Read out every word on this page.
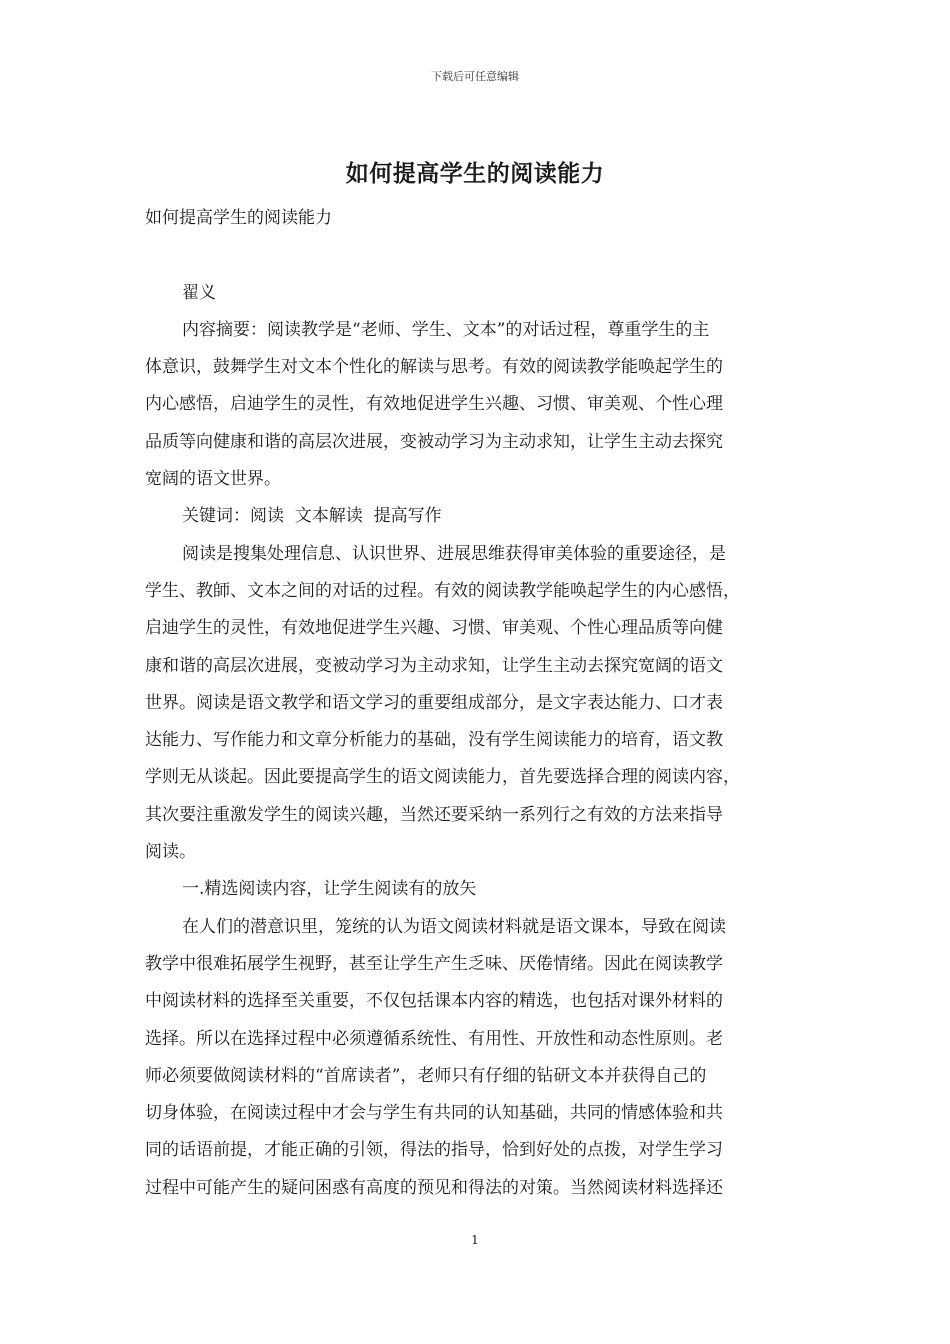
下载后可任意编辑
如何提高学生的阅读能力
如何提高学生的阅读能力
翟义
内容摘要：阅读教学是“老师、学生、文本”的对话过程，尊重学生的主
体意识，鼓舞学生对文本个性化的解读与思考。有效的阅读教学能唤起学生的
内心感悟，启迪学生的灵性，有效地促进学生兴趣、习惯、审美观、个性心理
品质等向健康和谐的高层次进展，变被动学习为主动求知，让学生主动去探究
宽阔的语文世界。
关键词：阅读  文本解读  提高写作
阅读是搜集处理信息、认识世界、进展思维获得审美体验的重要途径，是
学生、教師、文本之间的对话的过程。有效的阅读教学能唤起学生的内心感悟，
启迪学生的灵性，有效地促进学生兴趣、习惯、审美观、个性心理品质等向健
康和谐的高层次进展，变被动学习为主动求知，让学生主动去探究宽阔的语文
世界。阅读是语文教学和语文学习的重要组成部分，是文字表达能力、口才表
达能力、写作能力和文章分析能力的基础，没有学生阅读能力的培育，语文教
学则无从谈起。因此要提高学生的语文阅读能力，首先要选择合理的阅读内容，
其次要注重激发学生的阅读兴趣，当然还要采纳一系列行之有效的方法来指导
阅读。
一.精选阅读内容，让学生阅读有的放矢
在人们的潜意识里，笼统的认为语文阅读材料就是语文课本，导致在阅读
教学中很难拓展学生视野，甚至让学生产生乏味、厌倦情绪。因此在阅读教学
中阅读材料的选择至关重要，不仅包括课本内容的精选，也包括对课外材料的
选择。所以在选择过程中必须遵循系统性、有用性、开放性和动态性原则。老
师必须要做阅读材料的“首席读者”，老师只有仔细的钻研文本并获得自己的
切身体验，在阅读过程中才会与学生有共同的认知基础，共同的情感体验和共
同的话语前提，才能正确的引领，得法的指导，恰到好处的点拨，对学生学习
过程中可能产生的疑问困惑有高度的预见和得法的对策。当然阅读材料选择还
1
